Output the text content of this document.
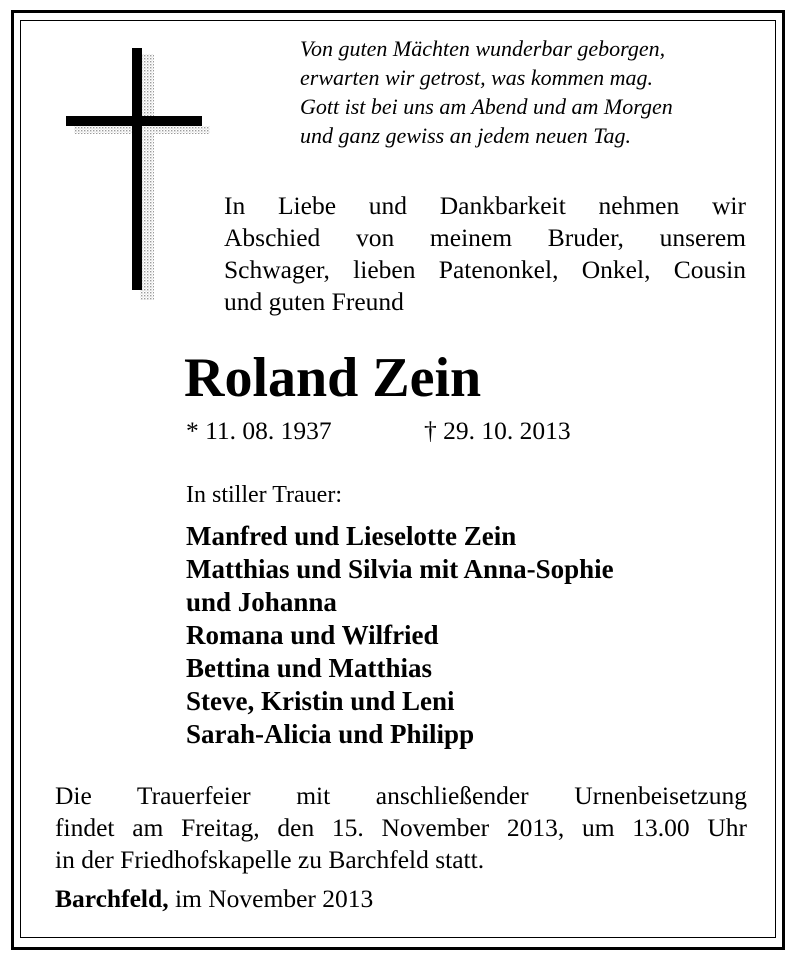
Von guten Mächten wunderbar geborgen,
erwarten wir getrost, was kommen mag.
Gott ist bei uns am Abend und am Morgen
und ganz gewiss an jedem neuen Tag.
In Liebe und Dankbarkeit nehmen wir
Abschied von meinem Bruder, unserem
Schwager, lieben Patenonkel, Onkel, Cousin
und guten Freund
Roland Zein
* 11. 08. 1937	† 29. 10. 2013
In stiller Trauer:
Manfred und Lieselotte Zein
Matthias und Silvia mit Anna-Sophie
und Johanna
Romana und Wilfried
Bettina und Matthias
Steve, Kristin und Leni
Sarah-Alicia und Philipp
Die Trauerfeier mit anschließender Urnenbeisetzung
findet am Freitag, den 15. November 2013, um 13.00 Uhr
in der Friedhofskapelle zu Barchfeld statt.
Barchfeld, im November 2013
